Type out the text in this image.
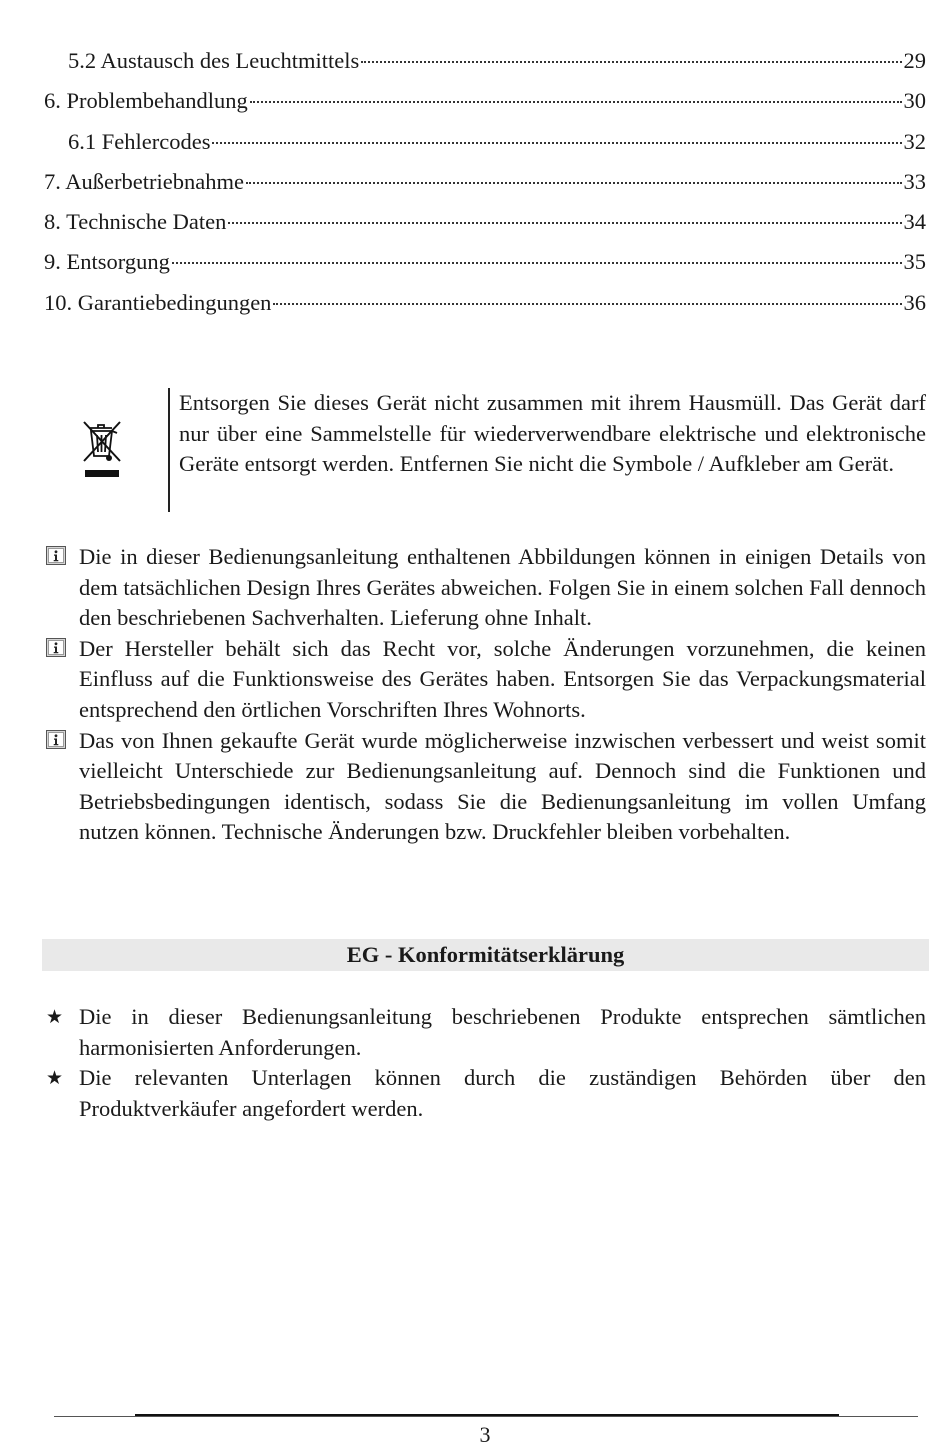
5.2 Austausch des Leuchtmittels	29
6. Problembehandlung	30
6.1 Fehlercodes	32
7. Außerbetriebnahme	33
8. Technische Daten	34
9. Entsorgung	35
10. Garantiebedingungen	36
Entsorgen Sie dieses Gerät nicht zusammen mit ihrem Hausmüll. Das Gerät darf nur über eine Sammelstelle für wiederverwendbare elektrische und elektronische Geräte entsorgt werden. Entfernen Sie nicht die Symbole / Aufkleber am Gerät.
Die in dieser Bedienungsanleitung enthaltenen Abbildungen können in einigen Details von dem tatsächlichen Design Ihres Gerätes abweichen. Folgen Sie in einem solchen Fall dennoch den beschriebenen Sachverhalten. Lieferung ohne Inhalt.
Der Hersteller behält sich das Recht vor, solche Änderungen vorzunehmen, die keinen Einfluss auf die Funktionsweise des Gerätes haben. Entsorgen Sie das Verpackungsmaterial entsprechend den örtlichen Vorschriften Ihres Wohnorts.
Das von Ihnen gekaufte Gerät wurde möglicherweise inzwischen verbessert und weist somit vielleicht Unterschiede zur Bedienungsanleitung auf. Dennoch sind die Funktionen und Betriebsbedingungen identisch, sodass Sie die Bedienungsanleitung im vollen Umfang nutzen können. Technische Änderungen bzw. Druckfehler bleiben vorbehalten.
EG - Konformitätserklärung
★ Die in dieser Bedienungsanleitung beschriebenen Produkte entsprechen sämtlichen harmonisierten Anforderungen.
★ Die relevanten Unterlagen können durch die zuständigen Behörden über den Produktverkäufer angefordert werden.
3
